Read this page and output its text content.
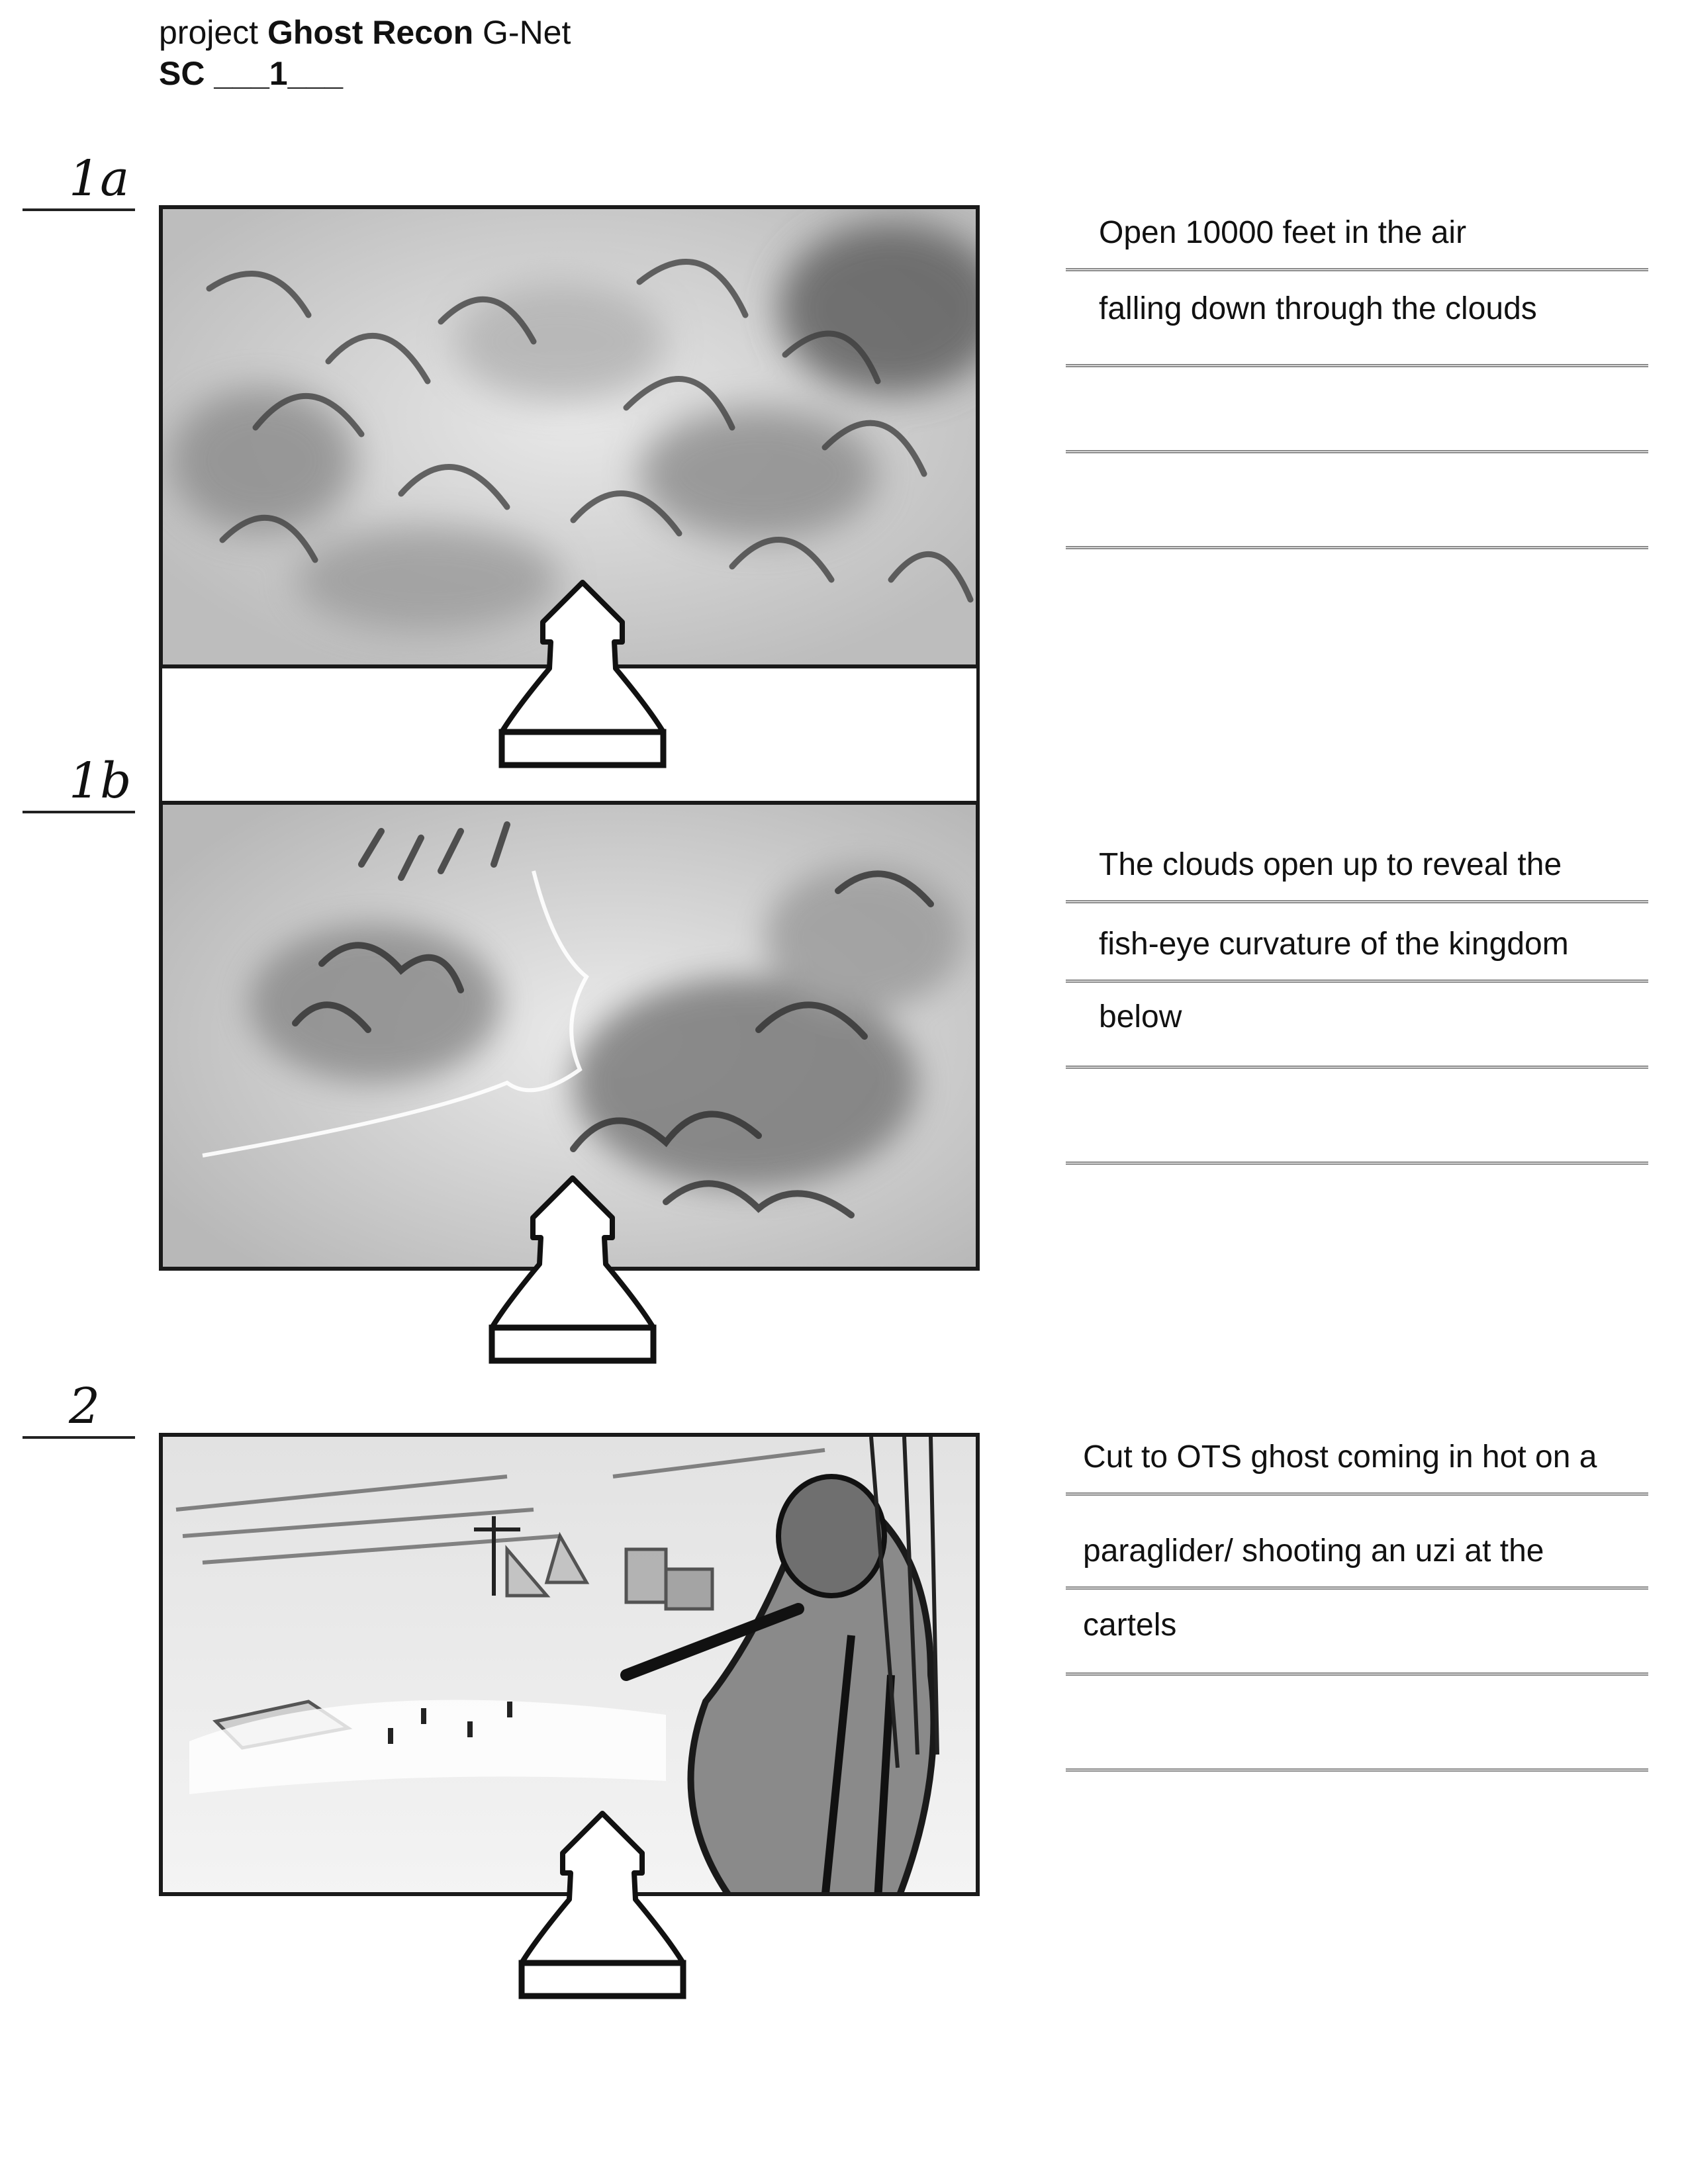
project Ghost Recon G-Net
SC ___1___
1a
1b
2
Open 10000 feet in the air
falling down through the clouds
The clouds open up to reveal the
fish-eye curvature of the kingdom
below
Cut to OTS ghost coming in hot on a
paraglider/ shooting an uzi at the
cartels
